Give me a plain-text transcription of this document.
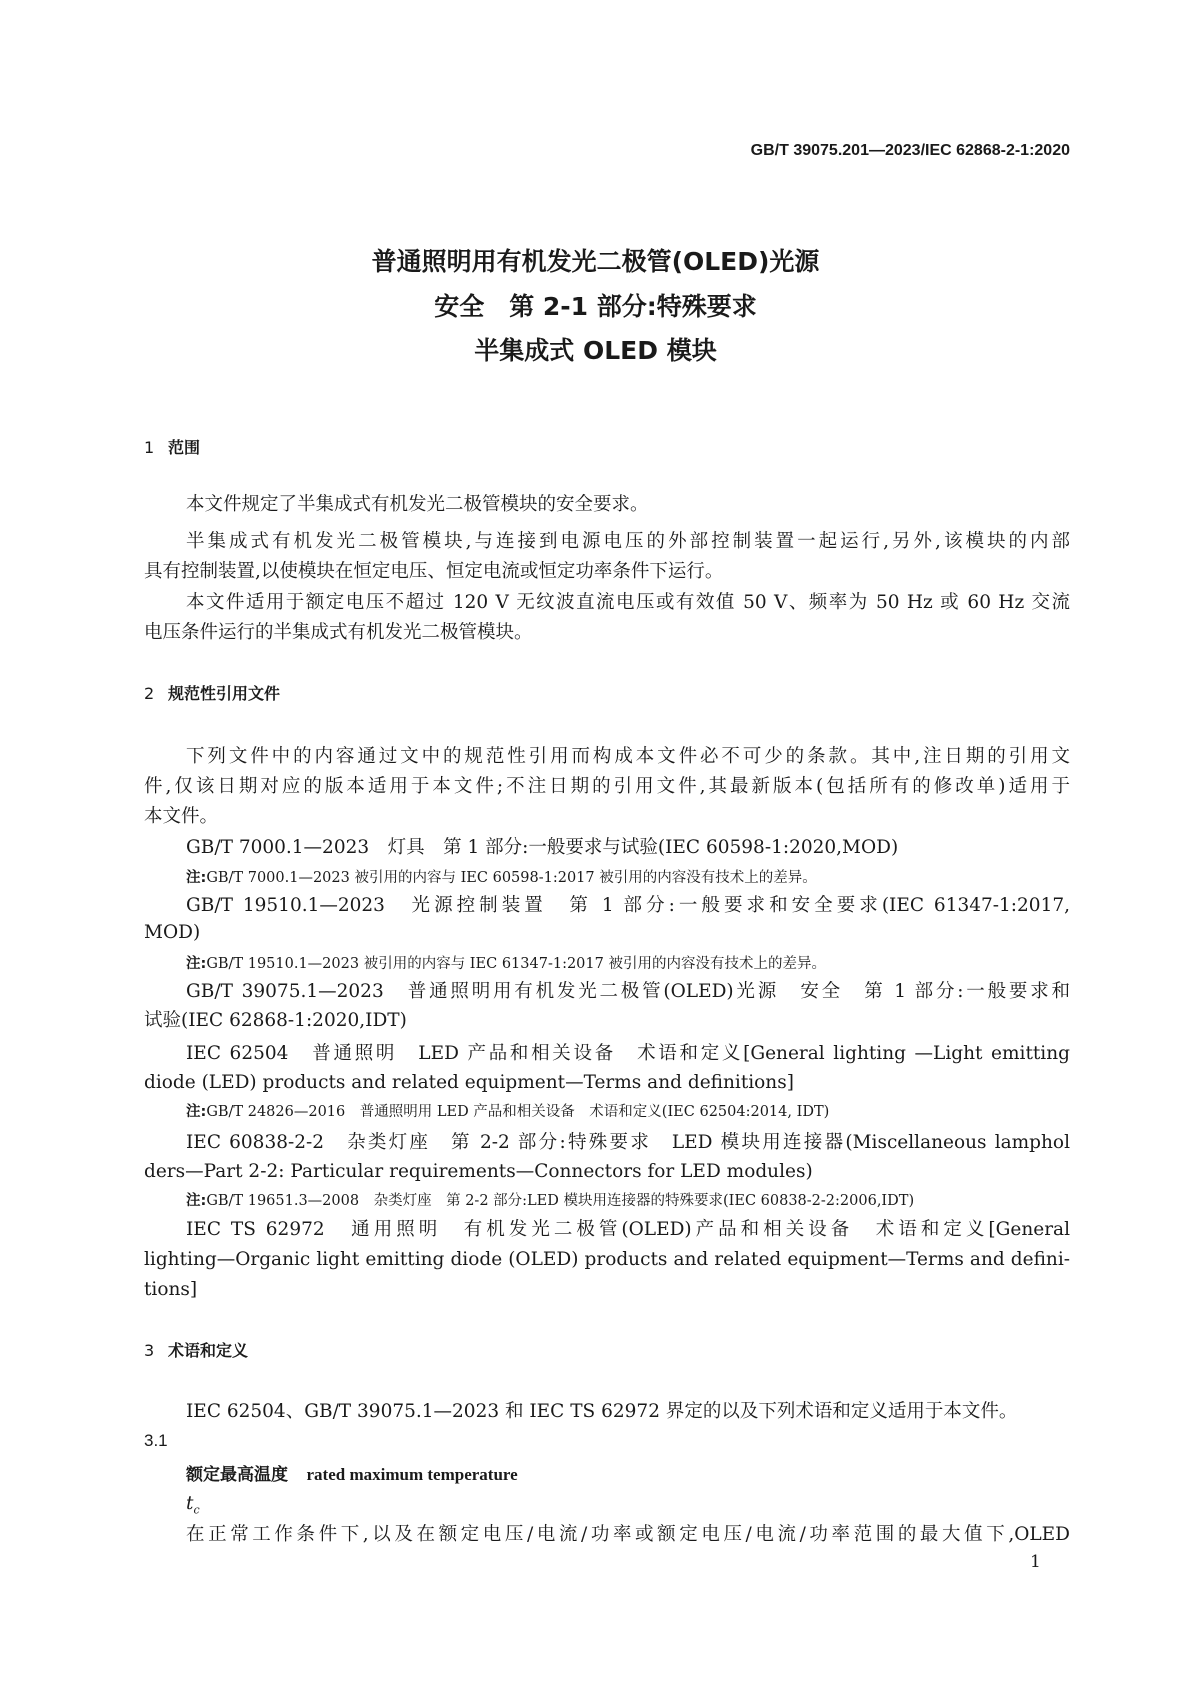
GB/T 39075.201—2023/IEC 62868-2-1:2020
普通照明用有机发光二极管(OLED)光源
安全　第 2-1 部分:特殊要求
半集成式 OLED 模块
1 范围
本文件规定了半集成式有机发光二极管模块的安全要求。
半集成式有机发光二极管模块,与连接到电源电压的外部控制装置一起运行,另外,该模块的内部
具有控制装置,以使模块在恒定电压、恒定电流或恒定功率条件下运行。
本文件适用于额定电压不超过 120 V 无纹波直流电压或有效值 50 V、频率为 50 Hz 或 60 Hz 交流
电压条件运行的半集成式有机发光二极管模块。
2 规范性引用文件
下列文件中的内容通过文中的规范性引用而构成本文件必不可少的条款。其中,注日期的引用文
件,仅该日期对应的版本适用于本文件;不注日期的引用文件,其最新版本(包括所有的修改单)适用于
本文件。
GB/T 7000.1—2023　灯具　第 1 部分:一般要求与试验(IEC 60598-1:2020,MOD)
注:GB/T 7000.1—2023 被引用的内容与 IEC 60598-1:2017 被引用的内容没有技术上的差异。
GB/T 19510.1—2023　光源控制装置　第 1 部分:一般要求和安全要求(IEC 61347-1:2017,
MOD)
注:GB/T 19510.1—2023 被引用的内容与 IEC 61347-1:2017 被引用的内容没有技术上的差异。
GB/T 39075.1—2023　普通照明用有机发光二极管(OLED)光源　安全　第 1 部分:一般要求和
试验(IEC 62868-1:2020,IDT)
IEC 62504　普通照明　LED 产品和相关设备　术语和定义[General lighting —Light emitting
diode (LED) products and related equipment—Terms and definitions]
注:GB/T 24826—2016　普通照明用 LED 产品和相关设备　术语和定义(IEC 62504:2014, IDT)
IEC 60838-2-2　杂类灯座　第 2-2 部分:特殊要求　LED 模块用连接器(Miscellaneous lamphol
ders—Part 2-2: Particular requirements—Connectors for LED modules)
注:GB/T 19651.3—2008　杂类灯座　第 2-2 部分:LED 模块用连接器的特殊要求(IEC 60838-2-2:2006,IDT)
IEC TS 62972　通用照明　有机发光二极管(OLED)产品和相关设备　术语和定义[General
lighting—Organic light emitting diode (OLED) products and related equipment—Terms and defini-
tions]
3 术语和定义
IEC 62504、GB/T 39075.1—2023 和 IEC TS 62972 界定的以及下列术语和定义适用于本文件。
3.1
额定最高温度　 rated maximum temperature
$t_c$
在正常工作条件下,以及在额定电压/电流/功率或额定电压/电流/功率范围的最大值下,OLED
1
